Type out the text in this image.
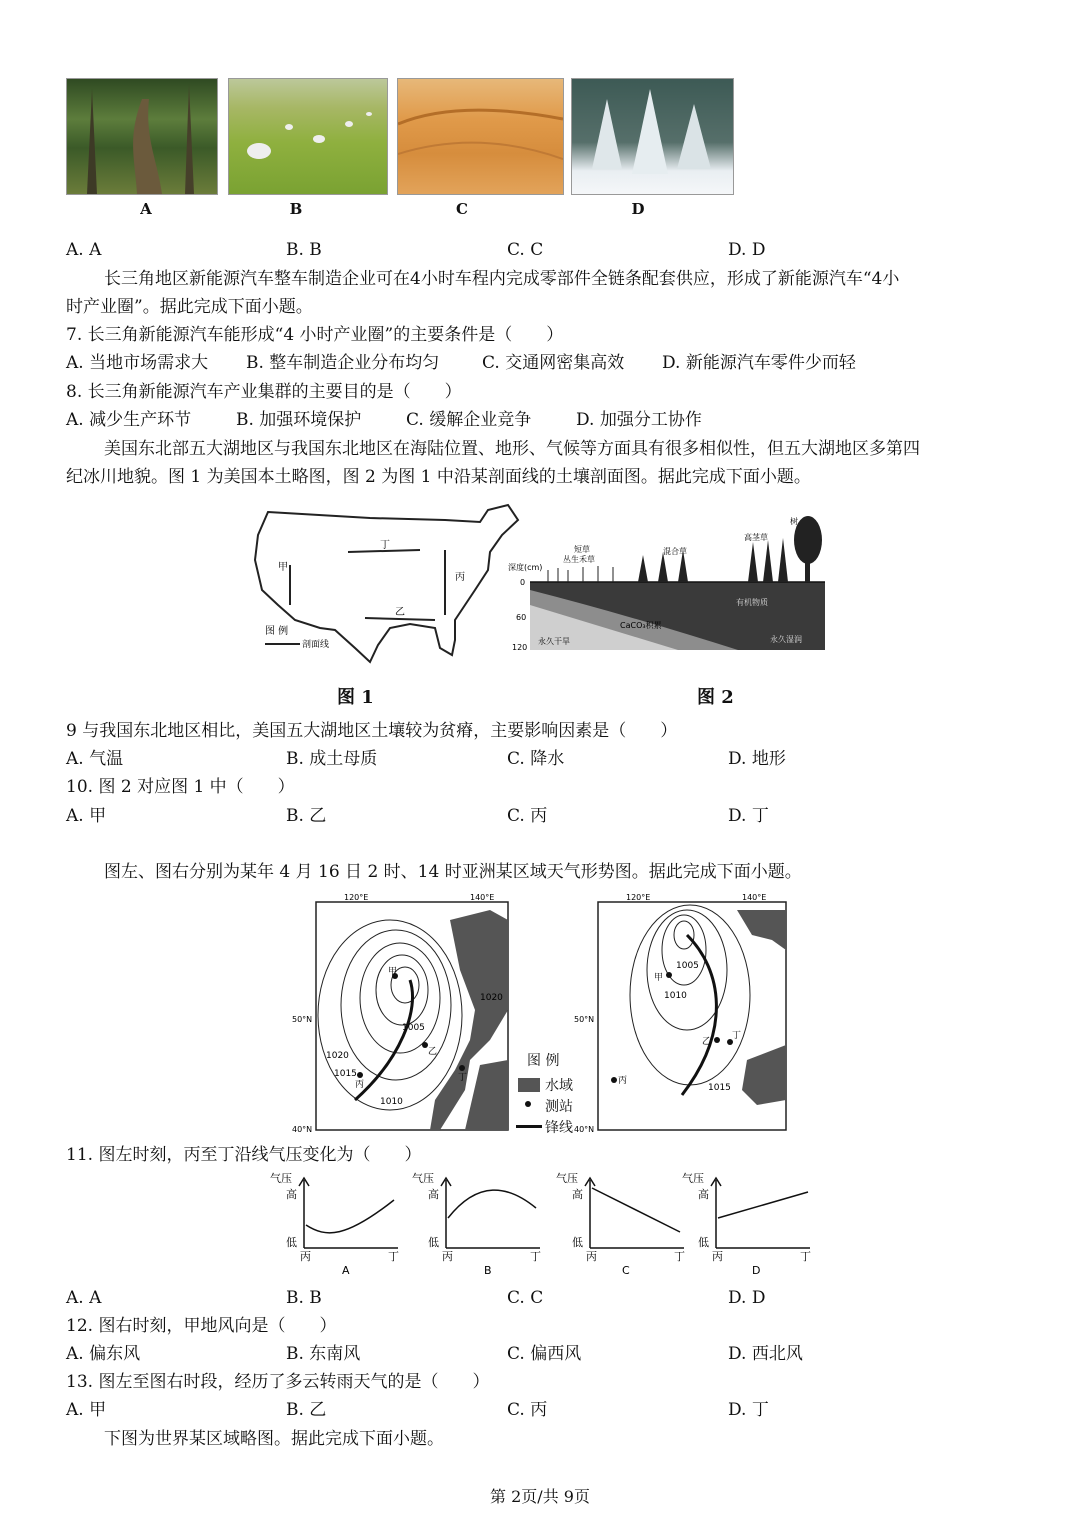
A	B	C	D
A. A	B. B	C. C	D. D
长三角地区新能源汽车整车制造企业可在4小时车程内完成零部件全链条配套供应，形成了新能源汽车“4小
时产业圈”。据此完成下面小题。
7. 长三角新能源汽车能形成“4 小时产业圈”的主要条件是（　　）
A. 当地市场需求大 B. 整车制造企业分布均匀	C. 交通网密集高效 D. 新能源汽车零件少而轻
8. 长三角新能源汽车产业集群的主要目的是（　　）
A. 减少生产环节	B. 加强环境保护	C. 缓解企业竞争	D. 加强分工协作
美国东北部五大湖地区与我国东北地区在海陆位置、地形、气候等方面具有很多相似性，但五大湖地区多第四
纪冰川地貌。图 1 为美国本土略图，图 2 为图 1 中沿某剖面线的土壤剖面图。据此完成下面小题。
甲
丁
丙
乙
图 例
剖面线
图 1
深度(cm)
0
60
120
短草
丛生禾草
混合草
高茎草
树
有机物质
CaCO₃积累
永久干旱	永久湿润
图 2
9 与我国东北地区相比，美国五大湖地区土壤较为贫瘠，主要影响因素是（　　）
A. 气温	B. 成土母质	C. 降水	D. 地形
10. 图 2 对应图 1 中（　　）
A. 甲	B. 乙	C. 丙	D. 丁
图左、图右分别为某年 4 月 16 日 2 时、14 时亚洲某区域天气形势图。据此完成下面小题。
甲
乙
丙
丁
1020
1015
1010
1005
1020
120°E	140°E
50°N
40°N
图 例
水域
测站
锋线
甲
乙
丙
丁
1005
1010
1015
120°E	140°E
50°N
40°N
11. 图左时刻，丙至丁沿线气压变化为（　　）
气压
高
低
丙	丁
A
气压
高
低
丙	丁
B
气压
高
低
丙	丁
C
气压
高
低
丙	丁
D
A. A	B. B	C. C	D. D
12. 图右时刻，甲地风向是（　　）
A. 偏东风	B. 东南风	C. 偏西风	D. 西北风
13. 图左至图右时段，经历了多云转雨天气的是（　　）
A. 甲	B. 乙	C. 丙	D. 丁
下图为世界某区域略图。据此完成下面小题。
第 2页/共 9页
